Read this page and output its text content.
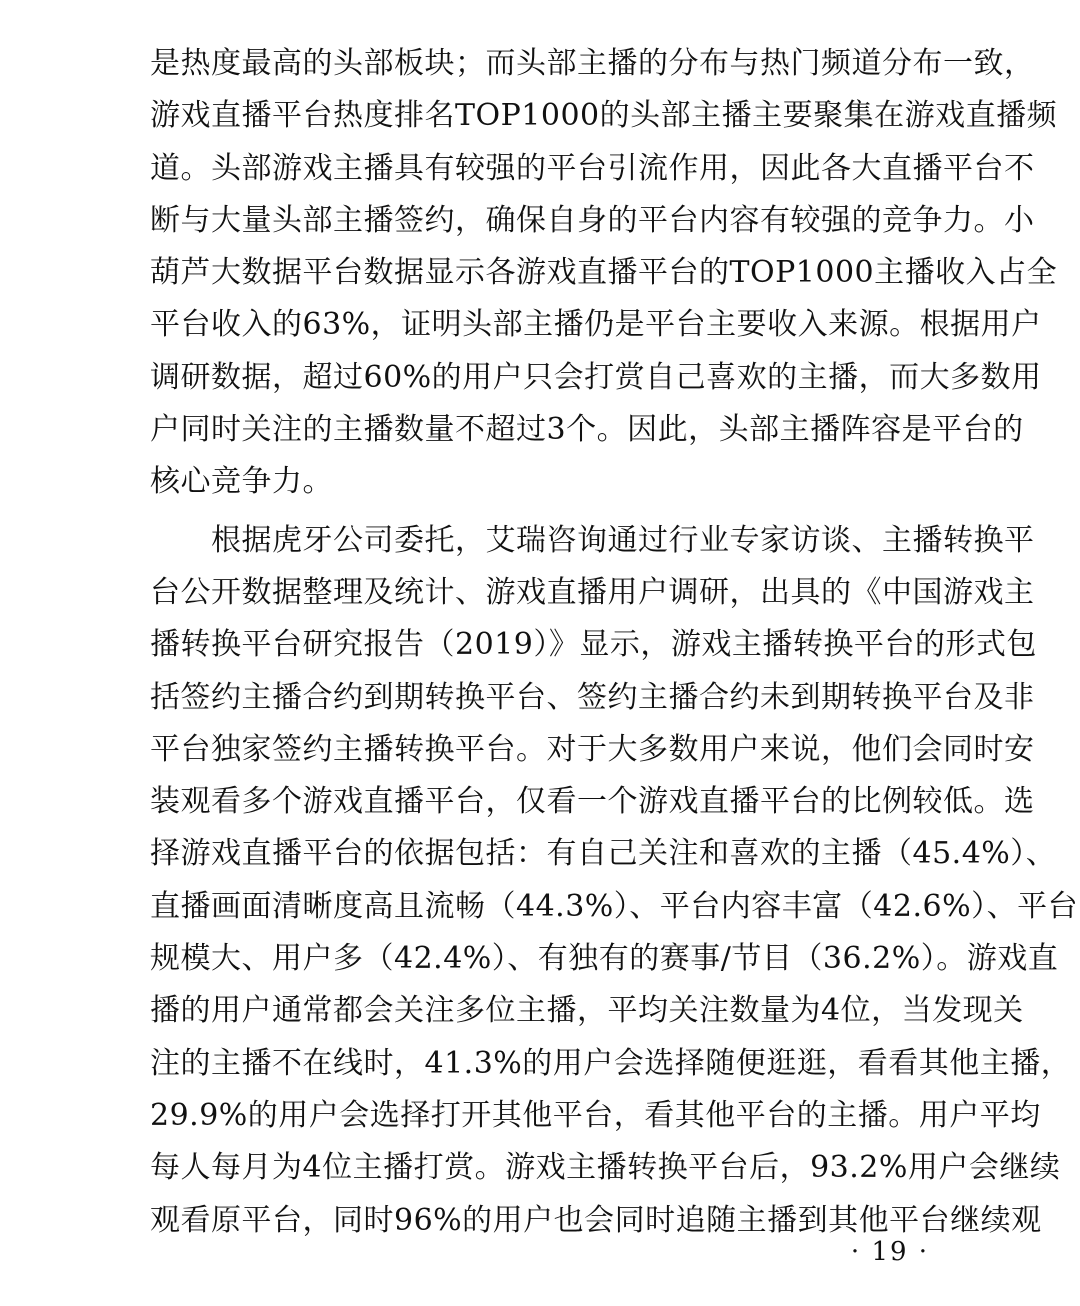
是热度最高的头部板块；而头部主播的分布与热门频道分布一致，
游戏直播平台热度排名TOP1000的头部主播主要聚集在游戏直播频
道。头部游戏主播具有较强的平台引流作用，因此各大直播平台不
断与大量头部主播签约，确保自身的平台内容有较强的竞争力。小
葫芦大数据平台数据显示各游戏直播平台的TOP1000主播收入占全
平台收入的63%，证明头部主播仍是平台主要收入来源。根据用户
调研数据，超过60%的用户只会打赏自己喜欢的主播，而大多数用
户同时关注的主播数量不超过3个。因此，头部主播阵容是平台的
核心竞争力。
　　根据虎牙公司委托，艾瑞咨询通过行业专家访谈、主播转换平
台公开数据整理及统计、游戏直播用户调研，出具的《中国游戏主
播转换平台研究报告（2019）》显示，游戏主播转换平台的形式包
括签约主播合约到期转换平台、签约主播合约未到期转换平台及非
平台独家签约主播转换平台。对于大多数用户来说，他们会同时安
装观看多个游戏直播平台，仅看一个游戏直播平台的比例较低。选
择游戏直播平台的依据包括：有自己关注和喜欢的主播（45.4%）、
直播画面清晰度高且流畅（44.3%）、平台内容丰富（42.6%）、平台
规模大、用户多（42.4%）、有独有的赛事/节目（36.2%）。游戏直
播的用户通常都会关注多位主播，平均关注数量为4位，当发现关
注的主播不在线时，41.3%的用户会选择随便逛逛，看看其他主播，
29.9%的用户会选择打开其他平台，看其他平台的主播。用户平均
每人每月为4位主播打赏。游戏主播转换平台后，93.2%用户会继续
观看原平台，同时96%的用户也会同时追随主播到其他平台继续观
· 19 ·
